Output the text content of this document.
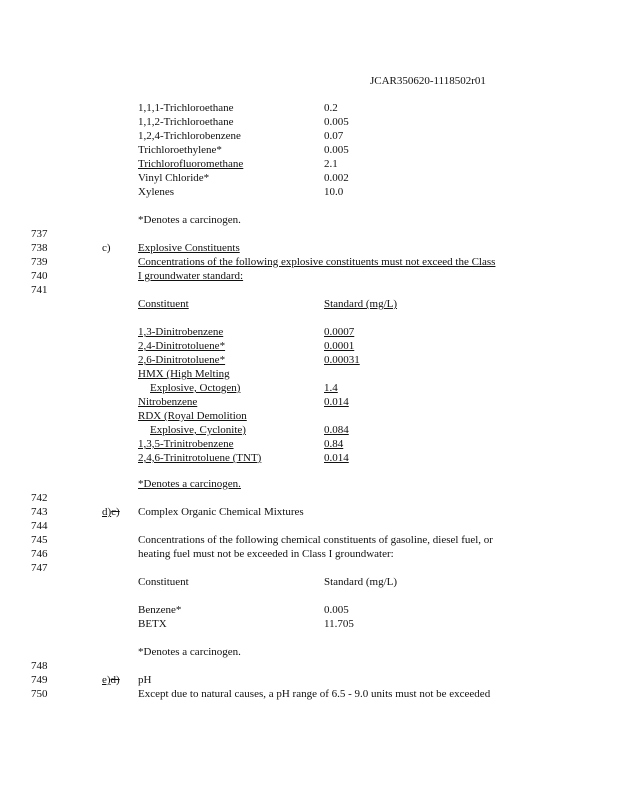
JCAR350620-1118502r01
1,1,1-Trichloroethane	0.2
1,1,2-Trichloroethane	0.005
1,2,4-Trichlorobenzene	0.07
Trichloroethylene*	0.005
Trichlorofluoromethane	2.1
Vinyl Chloride*	0.002
Xylenes	10.0
*Denotes a carcinogen.
737
738
739
740
741
742
743
744
745
746
747
748
749
750
c) Explosive Constituents
Concentrations of the following explosive constituents must not exceed the Class
I groundwater standard:
Constituent	Standard (mg/L)
1,3-Dinitrobenzene	0.0007
2,4-Dinitrotoluene*	0.0001
2,6-Dinitrotoluene*	0.00031
HMX (High Melting
Explosive, Octogen)	1.4
Nitrobenzene	0.014
RDX (Royal Demolition
Explosive, Cyclonite)	0.084
1,3,5-Trinitrobenzene	0.84
2,4,6-Trinitrotoluene (TNT)	0.014
*Denotes a carcinogen.
d)c) Complex Organic Chemical Mixtures
Concentrations of the following chemical constituents of gasoline, diesel fuel, or
heating fuel must not be exceeded in Class I groundwater:
Constituent	Standard (mg/L)
Benzene*	0.005
BETX	11.705
*Denotes a carcinogen.
e)d) pH
Except due to natural causes, a pH range of 6.5 - 9.0 units must not be exceeded
